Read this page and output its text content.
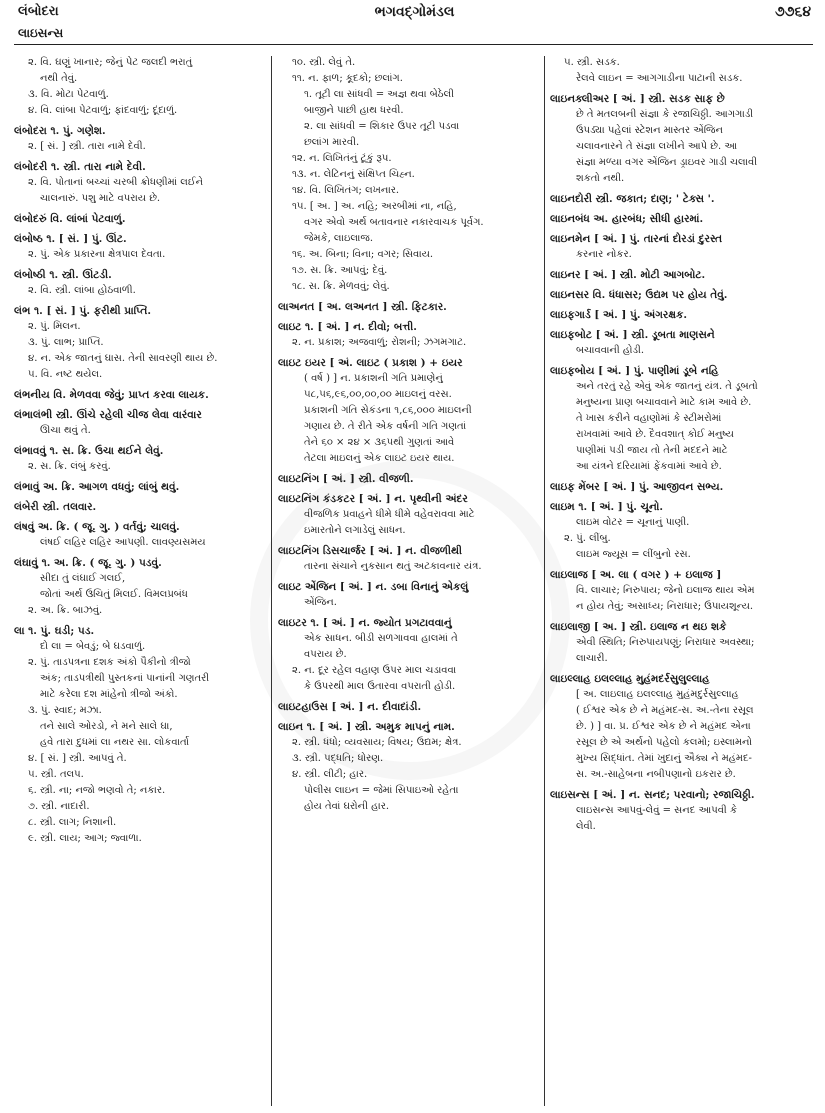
લંબોદરા	ભગવદ્ગોમંડલ	૭૭૬૪
લાઇસન્સ
૨. વિ. ઘણું ખાનાર; જેનું પેટ જલદી ભરાતું
નથી તેવું.
૩. વિ. મોટા પેટવાળું.
૪. વિ. લાંબા પેટવાળું; ફાંદવાળું; દૂંદાળું.
લંબોદરા ૧. પું. ગણેશ.
૨. [ સં. ] સ્ત્રી. તારા નામે દેવી.
લંબોદરી ૧. સ્ત્રી. તારા નામે દેવી.
૨. વિ. પોતાનાં બચ્ચાં ચરબી ક્રોધણીમાં લઈને
ચાલનારું. પશુ માટે વપરાય છે.
લંબોદરું વિ. લાંબાં પેટવાળું.
લંબોષ્ઠ ૧. [ સં. ] પું. ઊંટ.
૨. પું. એક પ્રકારના ક્ષેત્રપાલ દેવતા.
લંબોષ્ઠી ૧. સ્ત્રી. ઊંટડી.
૨. વિ. સ્ત્રી. લાંબા હોઠવાળી.
લંભ ૧. [ સં. ] પું. ફરીથી પ્રાપ્તિ.
૨. પું. મિલન.
૩. પું. લાભ; પ્રાપ્તિ.
૪. ન. એક જાતનું ઘાસ. તેની સાવરણી થાય છે.
૫. વિ. નષ્ટ થયેલ.
લંભનીય વિ. મેળવવા જેવું; પ્રાપ્ત કરવા લાયક.
લંભાલંભી સ્ત્રી. ઊંચે રહેલી ચીજ લેવા વારંવાર
ઊંચા થવું તે.
લંભાવવું ૧. સ. ક્રિ. ઉંચા થઈને લેવું.
૨. સ. ક્રિ. લંબું કરવું.
લંભાવું અ. ક્રિ. આગળ વધવું; લાંબું થવું.
લંબેરી સ્ત્રી. તલવાર.
લંષવું અ. ક્રિ. ( જૂ. ગુ. ) વર્તવું; ચાલવું.
લંષઈ લહિર લહિર આપણી. લાવણ્યસમય
લંઘાવું ૧. અ. ક્રિ. ( જૂ. ગુ. ) પડવું.
સીદા તું લંઘાઈ ગલઈ,
જોતાં અર્થ ઉચિતું મિલઈ. વિમલપ્રબંધ
૨. અ. ક્રિ. બાઝવું.
લા ૧. પું. ઘડી; પડ.
દો લા = બેવડું; બે ઘડવાળું.
૨. પું. તાડપત્રના દશક અંકો પૈકીનો ત્રીજો
અંક; તાડપત્રીથી પુસ્તકનાં પાનાંની ગણતરી
માટે કરેલા દશ માંહેનો ત્રીજો અંકો.
૩. પું. સ્વાદ; મઝા.
તને સાલે ઓરડો, ને મને સાલે ઘા,
હવે તારા દુધમાં લા નથર સા. લોકવાર્તા
૪. [ સં. ] સ્ત્રી. આપવું તે.
૫. સ્ત્રી. તલપ.
૬. સ્ત્રી. ના; નજો ભણવો તે; નકાર.
૭. સ્ત્રી. નાદારી.
૮. સ્ત્રી. લાગ; નિશાની.
૯. સ્ત્રી. લાય; આગ; જ્વાળા.
૧૦. સ્ત્રી. લેવું તે.
૧૧. ન. ફાળ; કૂદકો; છલાંગ.
૧. તૂટી લા સાંધવી = અજ્ઞ થવા બેઠેલી
બાજીને પાછી હાથ ધરવી.
૨. લા સાંધવી = શિકાર ઉપર તૂટી પડવા
છલાંગ મારવી.
૧૨. ન. લિખિતંનું ટૂંકું રૂપ.
૧૩. ન. લેટિનનું સંક્ષિપ્ત ચિહ્ન.
૧૪. વિ. લિખિતંગ; લખનાર.
૧૫. [ અ. ] અ. નહિ; અરબીમાં ના, નહિ,
વગર એવો અર્થ બતાવનાર નકારવાચક પૂર્વગ.
જેમકે, લાઇલાજ.
૧૬. અ. બિના; વિના; વગર; સિવાય.
૧૭. સ. ક્રિ. આપવું; દેવું.
૧૮. સ. ક્રિ. મેળવવું; લેવું.
લાઅનત [ અ. લઅનત ] સ્ત્રી. ફિટકાર.
લાઇટ ૧. [ અં. ] ન. દીવો; બત્તી.
૨. ન. પ્રકાશ; અજવાળું; રોશની; ઝગમગાટ.
લાઇટ ઇયર [ અં. લાઇટ ( પ્રકાશ ) + ઇયર
( વર્ષ ) ] ન. પ્રકાશની ગતિ પ્રમાણેનું
૫૮,૫૬,૯૬,૦૦,૦૦,૦૦ માઇલનું વરસ.
પ્રકાશની ગતિ સેકંડના ૧,૮૬,૦૦૦ માઇલની
ગણાય છે. તે રીતે એક વર્ષની ગતિ ગણતાં
તેને ૬૦ × ૨૪ × ૩૬૫થી ગુણતાં આવે
તેટલા માઇલનું એક લાઇટ ઇયર થાય.
લાઇટનિંગ [ અં. ] સ્ત્રી. વીજળી.
લાઇટનિંગ કંડકટર [ અં. ] ન. પૃથ્વીની અંદર
વીજળિક પ્રવાહને ધીમે ધીમે વહેવરાવવા માટે
ઇમારતોને લગાડેલું સાધન.
લાઇટનિંગ ડિસચાર્જર [ અં. ] ન. વીજળીથી
તારના સંચાને નુકસાન થતું અટકાવનાર યંત્ર.
લાઇટ એંજિન [ અં. ] ન. ડબા વિનાનું એકલું
એંજિન.
લાઇટર ૧. [ અં. ] ન. જ્યોત પ્રગટાવવાનું
એક સાધન. બીડી સળગાવવા હાલમાં તે
વપરાય છે.
૨. ન. દૂર રહેલ વહાણ ઉપર માલ ચડાવવા
કે ઉપરથી માલ ઉતારવા વપરાતી હોડી.
લાઇટહાઉસ [ અં. ] ન. દીવાદાંડી.
લાઇન ૧. [ અં. ] સ્ત્રી. અમુક માપનું નામ.
૨. સ્ત્રી. ધંધો; વ્યવસાય; વિષય; ઉદ્યમ; ક્ષેત્ર.
૩. સ્ત્રી. પદ્ધતિ; ધોરણ.
૪. સ્ત્રી. લીટી; હાર.
પોલીસ લાઇન = જેમાં સિપાઇઓ રહેતા
હોય તેવાં ઘરોની હાર.
૫. સ્ત્રી. સડક.
રેલવે લાઇન = આગગાડીના પાટાની સડક.
લાઇનક્લીઅર [ અં. ] સ્ત્રી. સડક સાફ છે
છે તે મતલબની સંજ્ઞા કે રજાચિઠ્ઠી. આગગાડી
ઉપડ્યા પહેલાં સ્ટેશન માસ્તર એંજિન
ચલાવનારને તે સંજ્ઞા લખીને આપે છે. આ
સંજ્ઞા મળ્યા વગર એંજિન ડ્રાઇવર ગાડી ચલાવી
શકતો નથી.
લાઇનદોરી સ્ત્રી. જકાત; દાણ; ' ટેક્સ '.
લાઇનબંધ અ. હારબંધ; સીધી હારમાં.
લાઇનમેન [ અં. ] પું. તારનાં દોરડાં દુરસ્ત
કરનાર નોકર.
લાઇનર [ અં. ] સ્ત્રી. મોટી આગબોટ.
લાઇનસર વિ. ધંધાસર; ઉદ્યમ પર હોય તેવું.
લાઇફગાર્ડ [ અં. ] પું. અંગરક્ષક.
લાઇફબોટ [ અં. ] સ્ત્રી. ડૂબતા માણસને
બચાવવાની હોડી.
લાઇફબોય [ અં. ] પું. પાણીમાં ડૂબે નહિ
અને તરતું રહે એવું એક જાતનું યંત્ર. તે ડૂબતો
મનુષ્યના પ્રાણ બચાવવાને માટે કામ આવે છે.
તે ખાસ કરીને વહાણોમાં કે સ્ટીમરોમાં
રાખવામાં આવે છે. દૈવવશાત્ કોઈ મનુષ્ય
પાણીમાં પડી જાય તો તેની મદદને માટે
આ યંત્રને દરિયામાં ફેંકવામાં આવે છે.
લાઇફ મેંબર [ અં. ] પું. આજીવન સભ્ય.
લાઇમ ૧. [ અં. ] પું. ચૂનો.
લાઇમ વોટર = ચૂનાનું પાણી.
૨. પું. લીંબુ.
લાઇમ જ્યૂસ = લીંબુનો રસ.
લાઇલાજ [ અ. લા ( વગર ) + ઇલાજ ]
વિ. લાચાર; નિરુપાય; જેનો ઇલાજ થાય એમ
ન હોય તેવું; અસાધ્ય; નિરાધાર; ઉપાયશૂન્ય.
લાઇલાજી [ અ. ] સ્ત્રી. ઇલાજ ન થઇ શકે
એવી સ્થિતિ; નિરુપાયપણું; નિરાધાર અવસ્થા;
લાચારી.
લાઇલ્લાહ ઇલલ્લાહ મુહંમદર્રસુલુલ્લાહ
[ અ. લાઇલાહ ઇલલ્લાહ મુહંમદુર્રસુલ્લાહ
( ઈશ્વર એક છે ને મહંમદ-સ. અ.-તેના રસૂલ
છે. ) ] વા. પ્ર. ઈશ્વર એક છે ને મહંમદ એના
રસૂલ છે એ અર્થનો પહેલો કલમો; ઇસ્લામનો
મુખ્ય સિદ્ધાંત. તેમાં ખુદાનું ઐક્ય ને મહંમદ-
સ. અ.-સાહેબના નબીપણાનો ઇકરાર છે.
લાઇસન્સ [ અં. ] ન. સનદ; પરવાનો; રજાચિઠ્ઠી.
લાઇસન્સ આપવું-લેવું = સનદ આપવી કે
લેવી.
